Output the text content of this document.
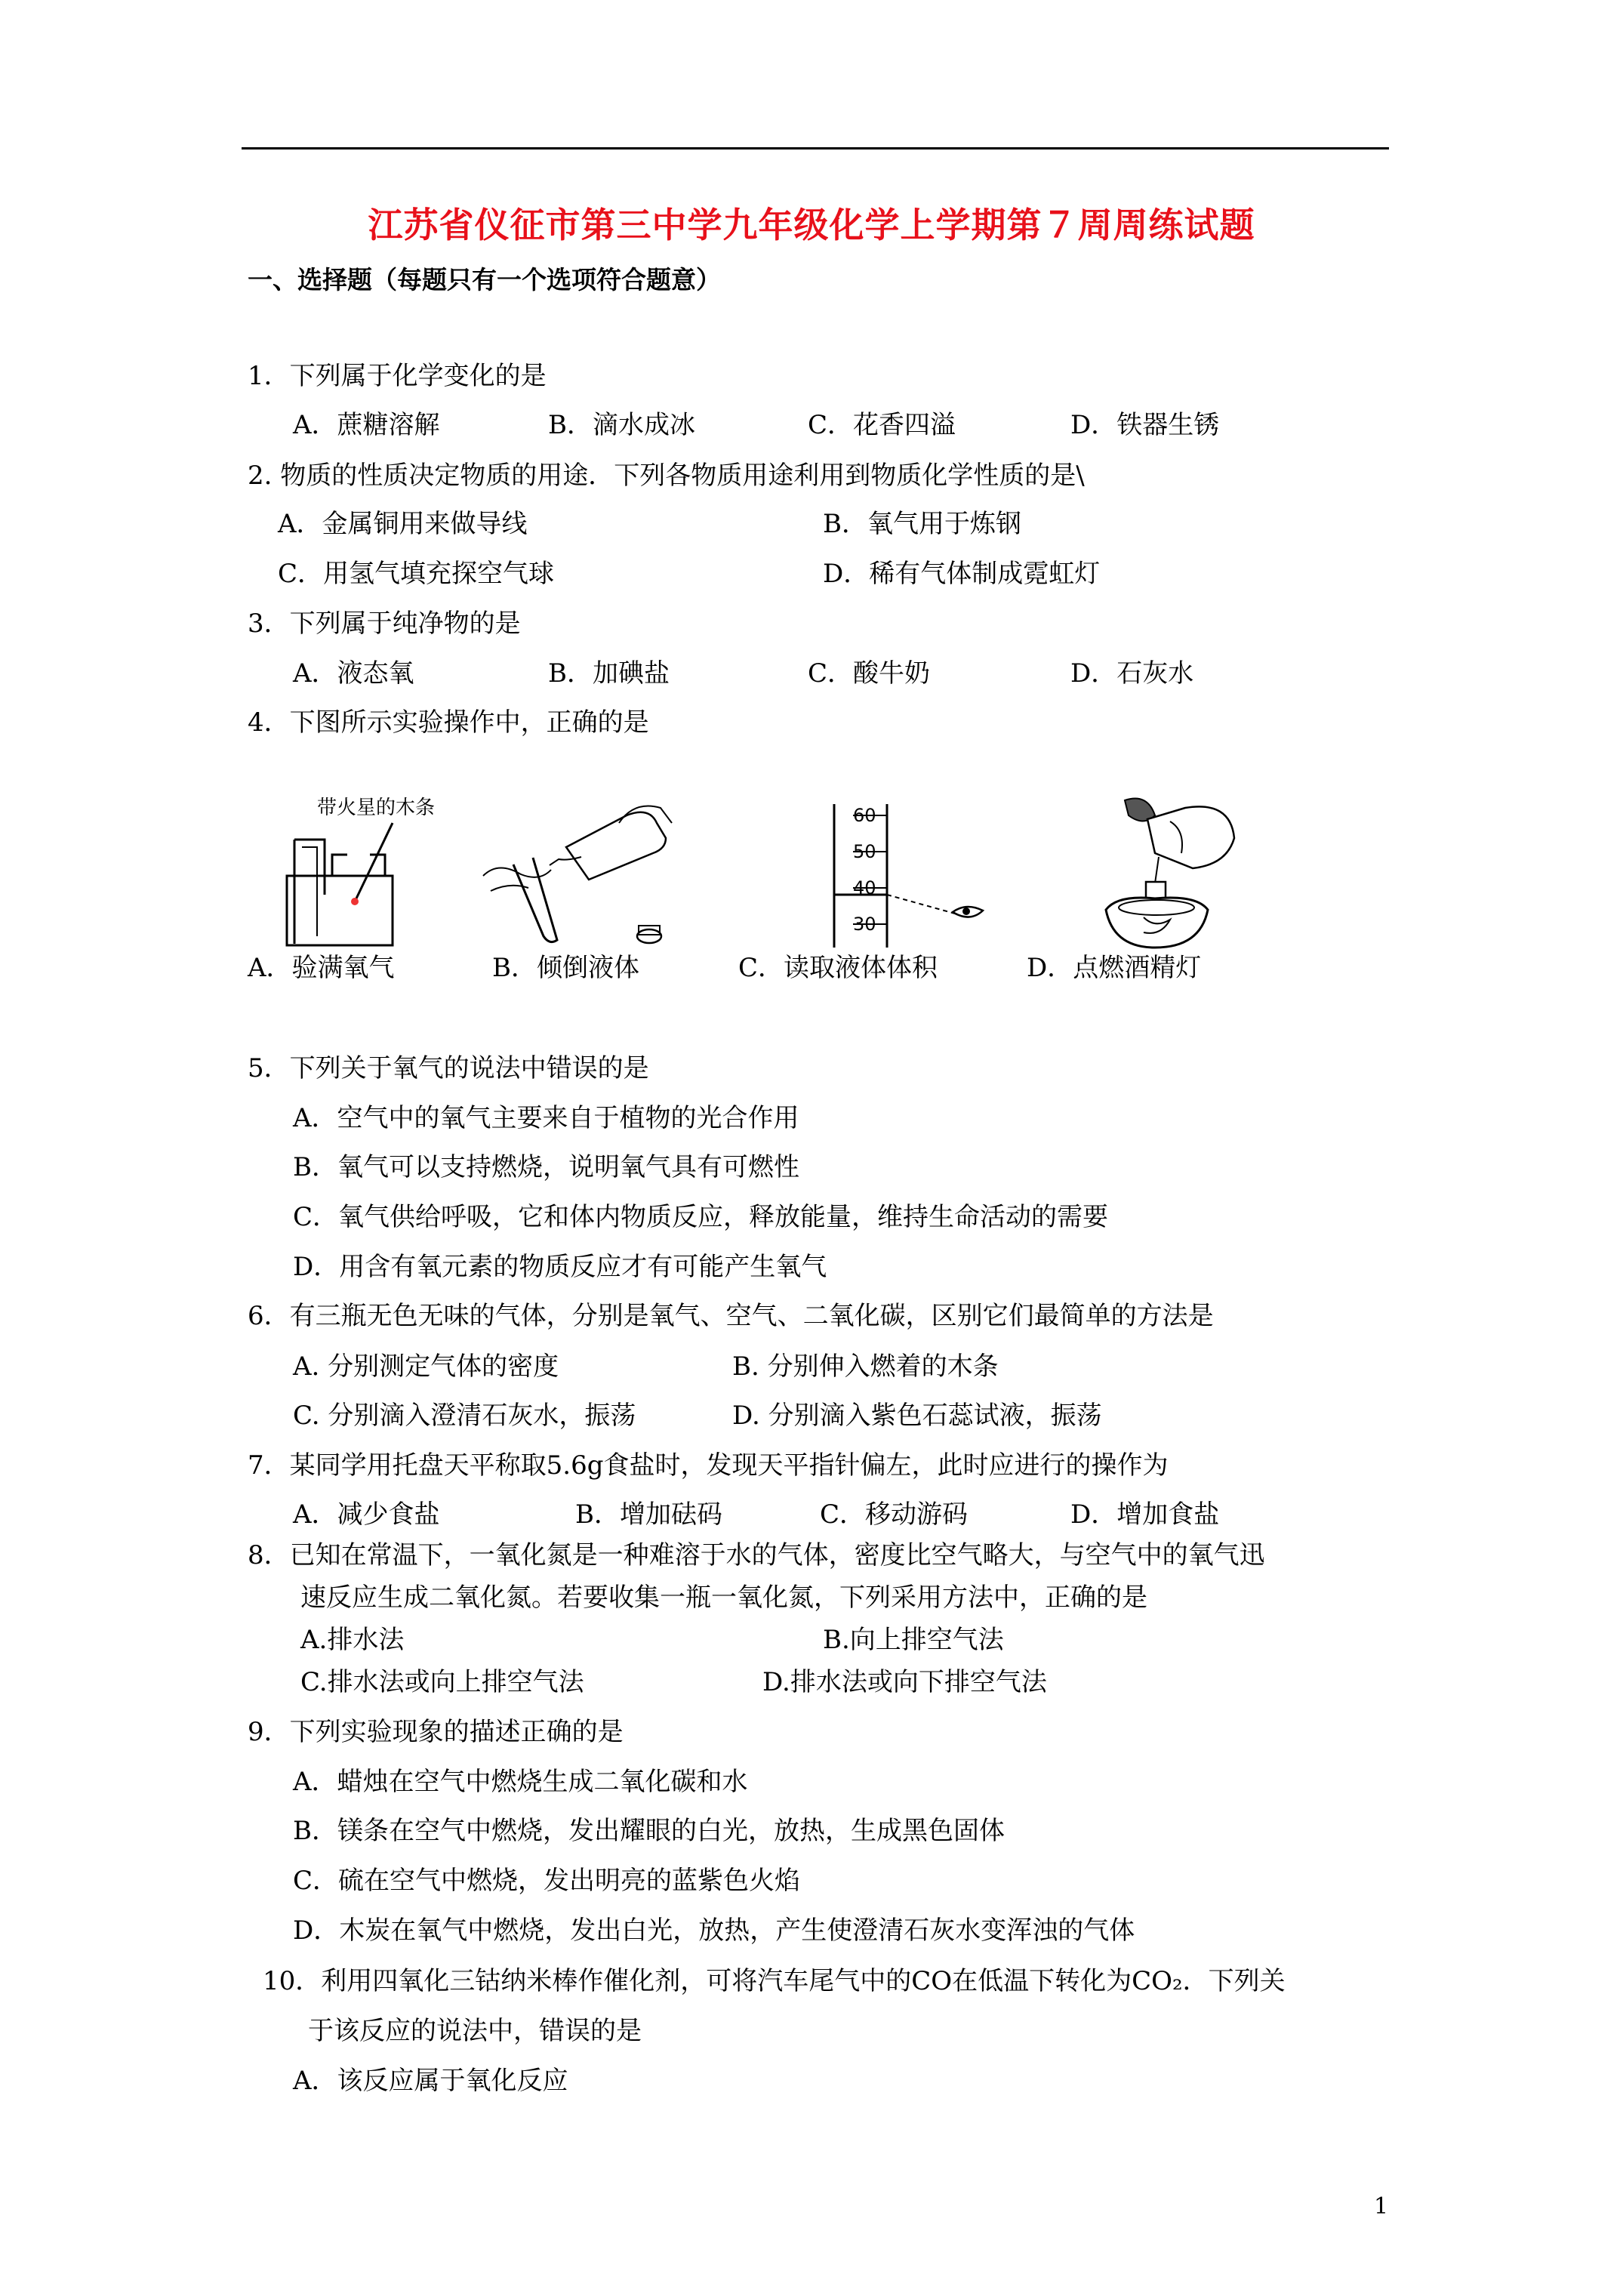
江苏省仪征市第三中学九年级化学上学期第７周周练试题
一、选择题（每题只有一个选项符合题意）
1．下列属于化学变化的是
A．蔗糖溶解	B．滴水成冰	C．花香四溢	D．铁器生锈
2. 物质的性质决定物质的用途．下列各物质用途利用到物质化学性质的是\
A．金属铜用来做导线	B．氧气用于炼钢
C．用氢气填充探空气球	D．稀有气体制成霓虹灯
3．下列属于纯净物的是
A．液态氧	B．加碘盐	C．酸牛奶	D．石灰水
4．下图所示实验操作中，正确的是
带火星的木条	60
50
40
30
A．验满氧气	B．倾倒液体	C．读取液体体积	D．点燃酒精灯
5．下列关于氧气的说法中错误的是
A．空气中的氧气主要来自于植物的光合作用
B．氧气可以支持燃烧，说明氧气具有可燃性
C．氧气供给呼吸，它和体内物质反应，释放能量，维持生命活动的需要
D．用含有氧元素的物质反应才有可能产生氧气
6．有三瓶无色无味的气体，分别是氧气、空气、二氧化碳，区别它们最简单的方法是
A. 分别测定气体的密度	B. 分别伸入燃着的木条
C. 分别滴入澄清石灰水，振荡	D. 分别滴入紫色石蕊试液，振荡
7．某同学用托盘天平称取5.6g食盐时，发现天平指针偏左，此时应进行的操作为
A．减少食盐	B．增加砝码	C．移动游码	D．增加食盐
8．已知在常温下，一氧化氮是一种难溶于水的气体，密度比空气略大，与空气中的氧气迅
速反应生成二氧化氮。若要收集一瓶一氧化氮，下列采用方法中，正确的是
A.排水法	B.向上排空气法
C.排水法或向上排空气法	D.排水法或向下排空气法
9．下列实验现象的描述正确的是
A．蜡烛在空气中燃烧生成二氧化碳和水
B．镁条在空气中燃烧，发出耀眼的白光，放热，生成黑色固体
C．硫在空气中燃烧，发出明亮的蓝紫色火焰
D．木炭在氧气中燃烧，发出白光，放热，产生使澄清石灰水变浑浊的气体
10．利用四氧化三钴纳米棒作催化剂，可将汽车尾气中的CO在低温下转化为CO₂．下列关
于该反应的说法中，错误的是
A．该反应属于氧化反应
1
